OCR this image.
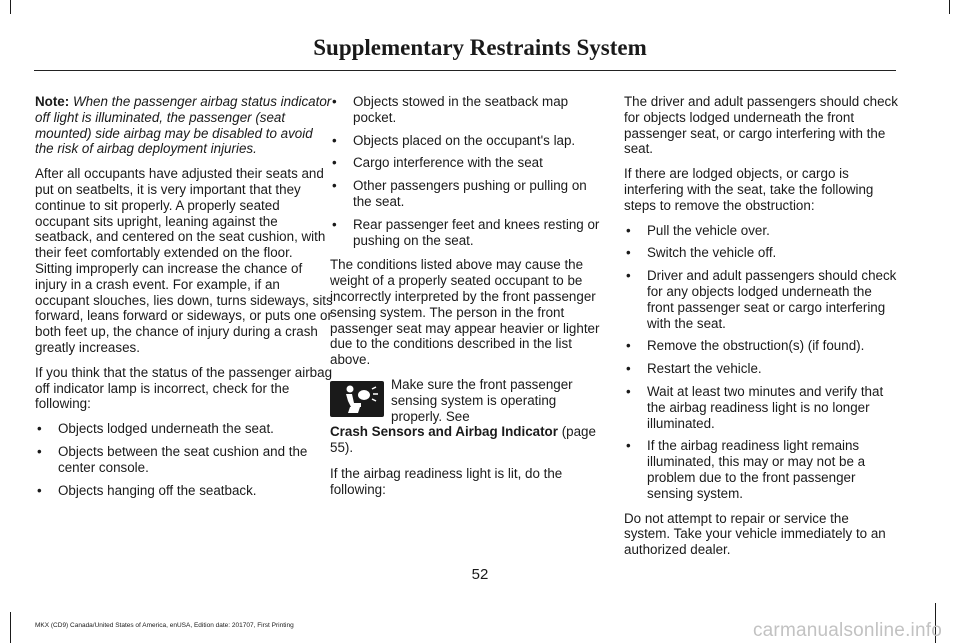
Supplementary Restraints System

Note: When the passenger airbag status indicator off light is illuminated, the passenger (seat mounted) side airbag may be disabled to avoid the risk of airbag deployment injuries.

After all occupants have adjusted their seats and put on seatbelts, it is very important that they continue to sit properly. A properly seated occupant sits upright, leaning against the seatback, and centered on the seat cushion, with their feet comfortably extended on the floor. Sitting improperly can increase the chance of injury in a crash event. For example, if an occupant slouches, lies down, turns sideways, sits forward, leans forward or sideways, or puts one or both feet up, the chance of injury during a crash greatly increases.

If you think that the status of the passenger airbag off indicator lamp is incorrect, check for the following:

• Objects lodged underneath the seat.
• Objects between the seat cushion and the center console.
• Objects hanging off the seatback.
• Objects stowed in the seatback map pocket.
• Objects placed on the occupant's lap.
• Cargo interference with the seat
• Other passengers pushing or pulling on the seat.
• Rear passenger feet and knees resting or pushing on the seat.

The conditions listed above may cause the weight of a properly seated occupant to be incorrectly interpreted by the front passenger sensing system. The person in the front passenger seat may appear heavier or lighter due to the conditions described in the list above.

Make sure the front passenger sensing system is operating properly. See
Crash Sensors and Airbag Indicator (page 55).

If the airbag readiness light is lit, do the following:

The driver and adult passengers should check for objects lodged underneath the front passenger seat, or cargo interfering with the seat.

If there are lodged objects, or cargo is interfering with the seat, take the following steps to remove the obstruction:

• Pull the vehicle over.
• Switch the vehicle off.
• Driver and adult passengers should check for any objects lodged underneath the front passenger seat or cargo interfering with the seat.
• Remove the obstruction(s) (if found).
• Restart the vehicle.
• Wait at least two minutes and verify that the airbag readiness light is no longer illuminated.
• If the airbag readiness light remains illuminated, this may or may not be a problem due to the front passenger sensing system.

Do not attempt to repair or service the system. Take your vehicle immediately to an authorized dealer.

52
MKX (CD9) Canada/United States of America, enUSA, Edition date: 201707, First Printing	carmanualsonline.info
